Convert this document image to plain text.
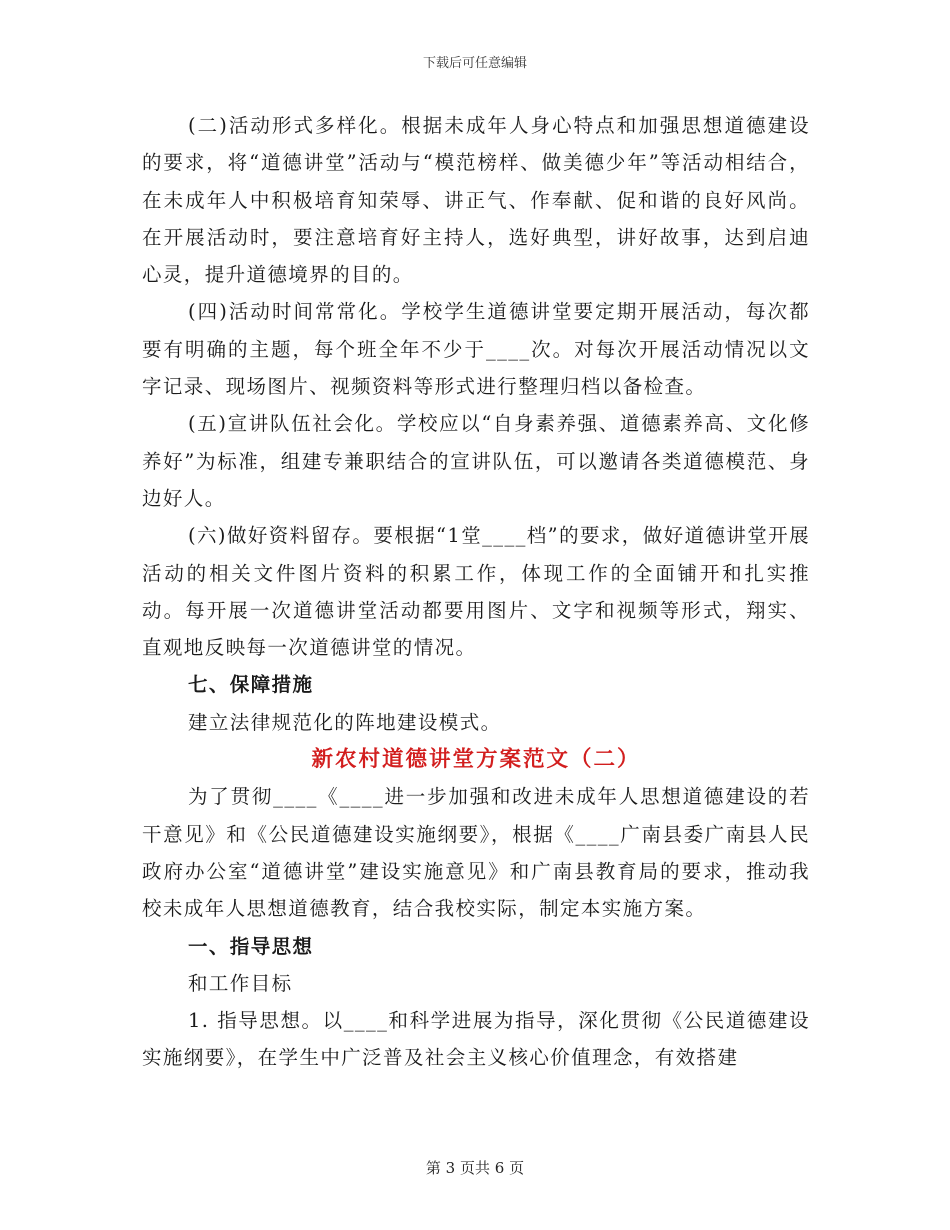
下载后可任意编辑

(二)活动形式多样化。根据未成年人身心特点和加强思想道德建设的要求，将“道德讲堂”活动与“模范榜样、做美德少年”等活动相结合，在未成年人中积极培育知荣辱、讲正气、作奉献、促和谐的良好风尚。在开展活动时，要注意培育好主持人，选好典型，讲好故事，达到启迪心灵，提升道德境界的目的。

(四)活动时间常常化。学校学生道德讲堂要定期开展活动，每次都要有明确的主题，每个班全年不少于____次。对每次开展活动情况以文字记录、现场图片、视频资料等形式进行整理归档以备检查。

(五)宣讲队伍社会化。学校应以“自身素养强、道德素养高、文化修养好”为标准，组建专兼职结合的宣讲队伍，可以邀请各类道德模范、身边好人。

(六)做好资料留存。要根据“1堂____档”的要求，做好道德讲堂开展活动的相关文件图片资料的积累工作，体现工作的全面铺开和扎实推动。每开展一次道德讲堂活动都要用图片、文字和视频等形式，翔实、直观地反映每一次道德讲堂的情况。

七、保障措施

建立法律规范化的阵地建设模式。

新农村道德讲堂方案范文（二）

为了贯彻____《____进一步加强和改进未成年人思想道德建设的若干意见》和《公民道德建设实施纲要》，根据《____广南县委广南县人民政府办公室“道德讲堂”建设实施意见》和广南县教育局的要求，推动我校未成年人思想道德教育，结合我校实际，制定本实施方案。

一、指导思想

和工作目标

1. 指导思想。以____和科学进展为指导，深化贯彻《公民道德建设实施纲要》，在学生中广泛普及社会主义核心价值理念，有效搭建

第 3 页共 6 页
